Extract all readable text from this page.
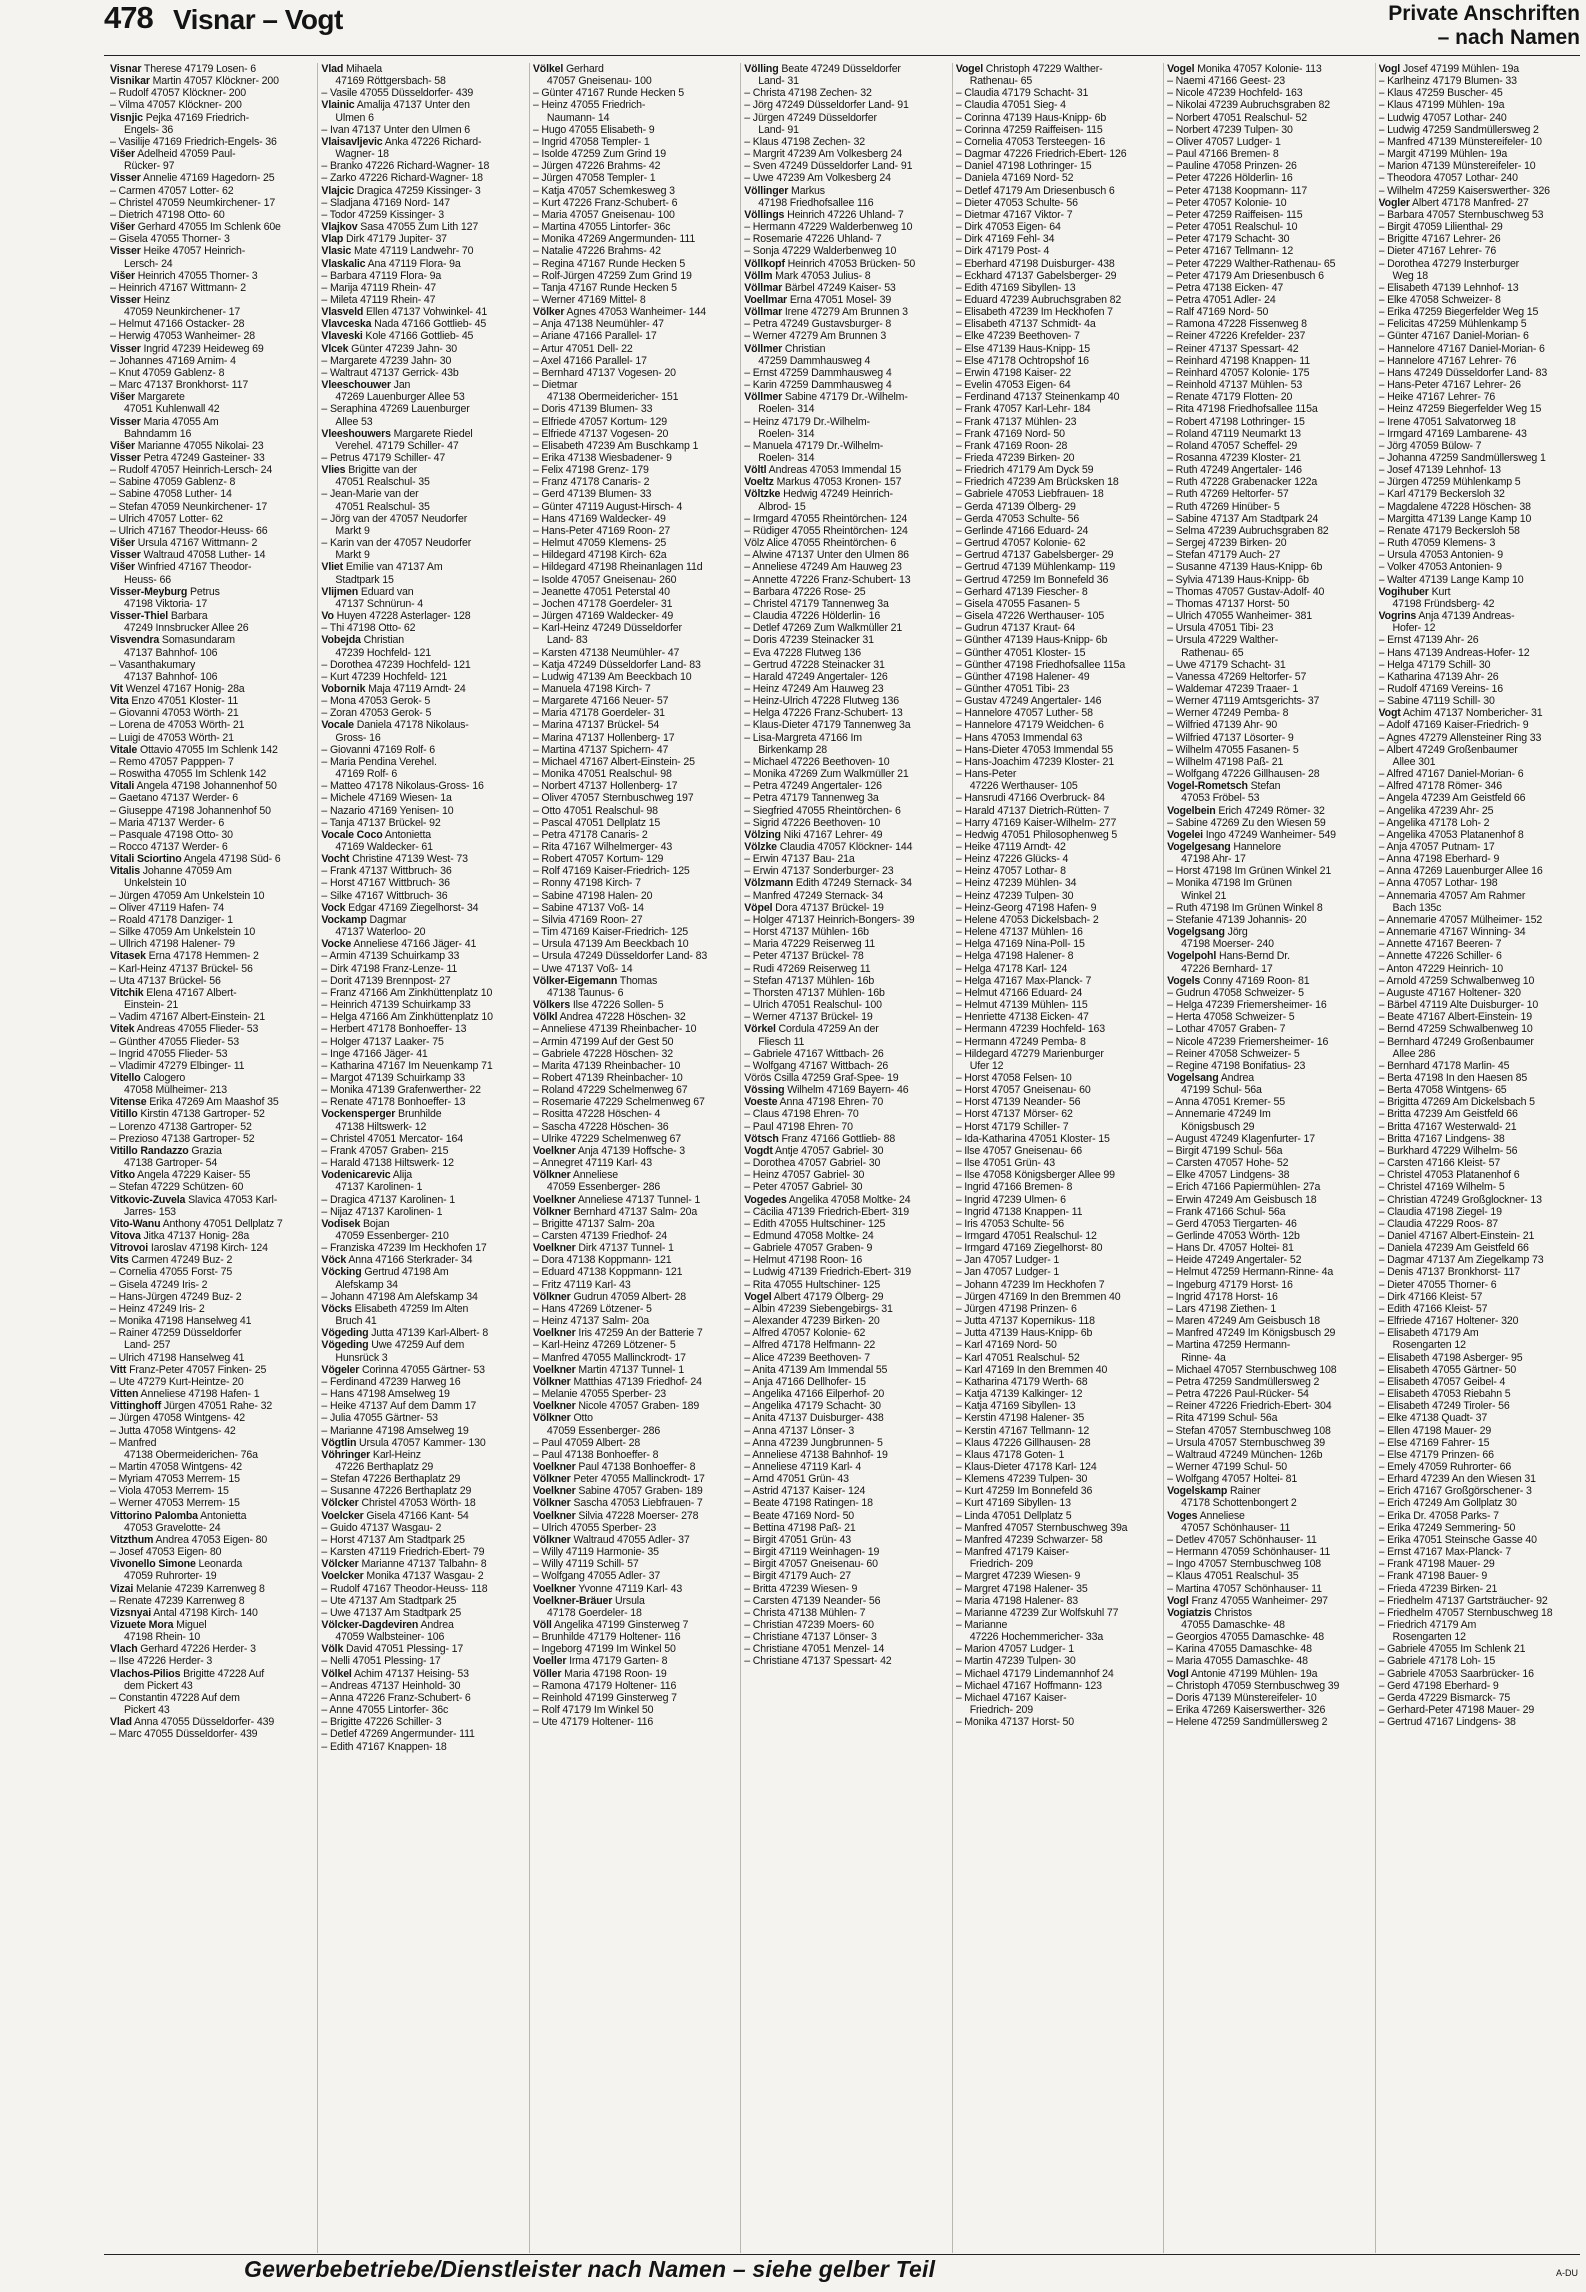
478 Visnar – Vogt	Private Anschriften
– nach Namen
Visnar Therese 47179 Losen- 6
Visnikar Martin 47057 Klöckner- 200
– Rudolf 47057 Klöckner- 200
– Vilma 47057 Klöckner- 200
Visnjic Pejka 47169 Friedrich-
Engels- 36
– Vasilije 47169 Friedrich-Engels- 36
Višer Adelheid 47059 Paul-
Rücker- 97
Visser Annelie 47169 Hagedorn- 25
– Carmen 47057 Lotter- 62
– Christel 47059 Neumkirchener- 17
– Dietrich 47198 Otto- 60
Višer Gerhard 47055 Im Schlenk 60e
– Gisela 47055 Thorner- 3
Visser Heike 47057 Heinrich-
Lersch- 24
Višer Heinrich 47055 Thorner- 3
– Heinrich 47167 Wittmann- 2
Visser Heinz
47059 Neunkirchener- 17
– Helmut 47166 Ostacker- 28
– Herwig 47053 Wanheimer- 28
Visser Ingrid 47239 Heideweg 69
– Johannes 47169 Arnim- 4
– Knut 47059 Gablenz- 8
– Marc 47137 Bronkhorst- 117
Višer Margarete
47051 Kuhlenwall 42
Visser Maria 47055 Am
Bahndamm 16
Višer Marianne 47055 Nikolai- 23
Visser Petra 47249 Gasteiner- 33
– Rudolf 47057 Heinrich-Lersch- 24
– Sabine 47059 Gablenz- 8
– Sabine 47058 Luther- 14
– Stefan 47059 Neunkirchener- 17
– Ulrich 47057 Lotter- 62
– Ulrich 47167 Theodor-Heuss- 66
Višer Ursula 47167 Wittmann- 2
Visser Waltraud 47058 Luther- 14
Višer Winfried 47167 Theodor-
Heuss- 66
Visser-Meyburg Petrus
47198 Viktoria- 17
Visser-Thiel Barbara
47249 Innsbrucker Allee 26
Visvendra Somasundaram
47137 Bahnhof- 106
– Vasanthakumary
47137 Bahnhof- 106
Vit Wenzel 47167 Honig- 28a
Vita Enzo 47051 Kloster- 11
– Giovanni 47053 Wörth- 21
– Lorena de 47053 Wörth- 21
– Luigi de 47053 Wörth- 21
Vitale Ottavio 47055 Im Schlenk 142
– Remo 47057 Papppen- 7
– Roswitha 47055 Im Schlenk 142
Vitali Angela 47198 Johannenhof 50
– Gaetano 47137 Werder- 6
– Giuseppe 47198 Johannenhof 50
– Maria 47137 Werder- 6
– Pasquale 47198 Otto- 30
– Rocco 47137 Werder- 6
Vitali Sciortino Angela 47198 Süd- 6
Vitalis Johanne 47059 Am
Unkelstein 10
– Jürgen 47059 Am Unkelstein 10
– Oliver 47119 Hafen- 74
– Roald 47178 Danziger- 1
– Silke 47059 Am Unkelstein 10
– Ullrich 47198 Halener- 79
Vitasek Erna 47178 Hemmen- 2
– Karl-Heinz 47137 Brückel- 56
– Uta 47137 Brückel- 56
Vitchik Elena 47167 Albert-
Einstein- 21
– Vadim 47167 Albert-Einstein- 21
Vitek Andreas 47055 Flieder- 53
– Günther 47055 Flieder- 53
– Ingrid 47055 Flieder- 53
– Vladimir 47279 Elbinger- 11
Vitello Calogero
47058 Mülheimer- 213
Vitense Erika 47269 Am Maashof 35
Vitillo Kirstin 47138 Gartroper- 52
– Lorenzo 47138 Gartroper- 52
– Prezioso 47138 Gartroper- 52
Vitillo Randazzo Grazia
47138 Gartroper- 54
Vitko Angela 47229 Kaiser- 55
– Stefan 47229 Schützen- 60
Vitkovic-Zuvela Slavica 47053 Karl-
Jarres- 153
Vito-Wanu Anthony 47051 Dellplatz 7
Vitova Jitka 47137 Honig- 28a
Vitrovoi Iaroslav 47198 Kirch- 124
Vits Carmen 47249 Buz- 2
– Cornelia 47055 Forst- 75
– Gisela 47249 Iris- 2
– Hans-Jürgen 47249 Buz- 2
– Heinz 47249 Iris- 2
– Monika 47198 Hanselweg 41
– Rainer 47259 Düsseldorfer
Land- 257
– Ulrich 47198 Hanselweg 41
Vitt Franz-Peter 47057 Finken- 25
– Ute 47279 Kurt-Heintze- 20
Vitten Anneliese 47198 Hafen- 1
Vittinghoff Jürgen 47051 Rahe- 32
– Jürgen 47058 Wintgens- 42
– Jutta 47058 Wintgens- 42
– Manfred
47138 Obermeiderichen- 76a
– Martin 47058 Wintgens- 42
– Myriam 47053 Merrem- 15
– Viola 47053 Merrem- 15
– Werner 47053 Merrem- 15
Vittorino Palomba Antonietta
47053 Gravelotte- 24
Vitzthum Andrea 47053 Eigen- 80
– Josef 47053 Eigen- 80
Vivonello Simone Leonarda
47059 Ruhrorter- 19
Vizai Melanie 47239 Karrenweg 8
– Renate 47239 Karrenweg 8
Vizsnyai Antal 47198 Kirch- 140
Vizuete Mora Miguel
47198 Rhein- 10
Vlach Gerhard 47226 Herder- 3
– Ilse 47226 Herder- 3
Vlachos-Pilios Brigitte 47228 Auf
dem Pickert 43
– Constantin 47228 Auf dem
Pickert 43
Vlad Anna 47055 Düsseldorfer- 439
– Marc 47055 Düsseldorfer- 439
Vlad Mihaela
47169 Röttgersbach- 58
– Vasile 47055 Düsseldorfer- 439
Vlainic Amalija 47137 Unter den
Ulmen 6
– Ivan 47137 Unter den Ulmen 6
Vlaisavljevic Anka 47226 Richard-
Wagner- 18
– Branko 47226 Richard-Wagner- 18
– Zarko 47226 Richard-Wagner- 18
Vlajcic Dragica 47259 Kissinger- 3
– Sladjana 47169 Nord- 147
– Todor 47259 Kissinger- 3
Vlajkov Sasa 47055 Zum Lith 127
Vlap Dirk 47179 Jupiter- 37
Vlasic Mate 47119 Landwehr- 70
Vlaskalic Ana 47119 Flora- 9a
– Barbara 47119 Flora- 9a
– Marija 47119 Rhein- 47
– Mileta 47119 Rhein- 47
Vlasveld Ellen 47137 Vohwinkel- 41
Vlavceska Nada 47166 Gottlieb- 45
Vlaveski Kole 47166 Gottlieb- 45
Vlcek Günter 47239 Jahn- 30
– Margarete 47239 Jahn- 30
– Waltraut 47137 Gerrick- 43b
Vleeschouwer Jan
47269 Lauenburger Allee 53
– Seraphina 47269 Lauenburger
Allee 53
Vleeshouwers Margarete Riedel
Verehel. 47179 Schiller- 47
– Petrus 47179 Schiller- 47
Vlies Brigitte van der
47051 Realschul- 35
– Jean-Marie van der
47051 Realschul- 35
– Jörg van der 47057 Neudorfer
Markt 9
– Karin van der 47057 Neudorfer
Markt 9
Vliet Emilie van 47137 Am
Stadtpark 15
Vlijmen Eduard van
47137 Schnürun- 4
Vo Huyen 47228 Asterlager- 128
– Thi 47198 Otto- 62
Vobejda Christian
47239 Hochfeld- 121
– Dorothea 47239 Hochfeld- 121
– Kurt 47239 Hochfeld- 121
Vobornik Maja 47119 Arndt- 24
– Mona 47053 Gerok- 5
– Zoran 47053 Gerok- 5
Vocale Daniela 47178 Nikolaus-
Gross- 16
– Giovanni 47169 Rolf- 6
– Maria Pendina Verehel.
47169 Rolf- 6
– Matteo 47178 Nikolaus-Gross- 16
– Michele 47169 Wiesen- 1a
– Nazario 47169 Yenisen- 10
– Tanja 47137 Brückel- 92
Vocale Coco Antonietta
47169 Waldecker- 61
Vocht Christine 47139 West- 73
– Frank 47137 Wittbruch- 36
– Horst 47167 Wittbruch- 36
– Silke 47167 Wittbruch- 36
Vock Edgar 47169 Ziegelhorst- 34
Vockamp Dagmar
47137 Waterloo- 20
Vocke Anneliese 47166 Jäger- 41
– Armin 47139 Schuirkamp 33
– Dirk 47198 Franz-Lenze- 11
– Dorit 47139 Brennpost- 27
– Franz 47166 Am Zinkhüttenplatz 10
– Heinrich 47139 Schuirkamp 33
– Helga 47166 Am Zinkhüttenplatz 10
– Herbert 47178 Bonhoeffer- 13
– Holger 47137 Laaker- 75
– Inge 47166 Jäger- 41
– Katharina 47167 Im Neuenkamp 71
– Margot 47139 Schuirkamp 33
– Monika 47139 Grafenwerther- 22
– Renate 47178 Bonhoeffer- 13
Vockensperger Brunhilde
47138 Hiltswerk- 12
– Christel 47051 Mercator- 164
– Frank 47057 Graben- 215
– Harald 47138 Hiltswerk- 12
Vodenicarevic Alija
47137 Karolinen- 1
– Dragica 47137 Karolinen- 1
– Nijaz 47137 Karolinen- 1
Vodisek Bojan
47059 Essenberger- 210
– Franziska 47239 Im Heckhofen 17
Vöck Anna 47166 Sterkrader- 34
Vöcking Gertrud 47198 Am
Alefskamp 34
– Johann 47198 Am Alefskamp 34
Vöcks Elisabeth 47259 Im Alten
Bruch 41
Vögeding Jutta 47139 Karl-Albert- 8
Vögeding Uwe 47259 Auf dem
Hunsrück 3
Vögeler Corinna 47055 Gärtner- 53
– Ferdinand 47239 Harweg 16
– Hans 47198 Amselweg 19
– Heike 47137 Auf dem Damm 17
– Julia 47055 Gärtner- 53
– Marianne 47198 Amselweg 19
Vögtlin Ursula 47057 Kammer- 130
Vöhringer Karl-Heinz
47226 Berthaplatz 29
– Stefan 47226 Berthaplatz 29
– Susanne 47226 Berthaplatz 29
Völcker Christel 47053 Wörth- 18
Voelcker Gisela 47166 Kant- 54
– Guido 47137 Wasgau- 2
– Horst 47137 Am Stadtpark 25
– Karsten 47119 Friedrich-Ebert- 79
Völcker Marianne 47137 Talbahn- 8
Voelcker Monika 47137 Wasgau- 2
– Rudolf 47167 Theodor-Heuss- 118
– Ute 47137 Am Stadtpark 25
– Uwe 47137 Am Stadtpark 25
Völcker-Dagdeviren Andrea
47059 Walbsteiner- 106
Völk David 47051 Plessing- 17
– Nelli 47051 Plessing- 17
Völkel Achim 47137 Heising- 53
– Andreas 47137 Heinhold- 30
– Anna 47226 Franz-Schubert- 6
– Anne 47055 Lintorfer- 36c
– Brigitte 47226 Schiller- 3
– Detlef 47269 Angermunder- 111
– Edith 47167 Knappen- 18
Völkel Gerhard
47057 Gneisenau- 100
– Günter 47167 Runde Hecken 5
– Heinz 47055 Friedrich-
Naumann- 14
– Hugo 47055 Elisabeth- 9
– Ingrid 47058 Templer- 1
– Isolde 47259 Zum Grind 19
– Jürgen 47226 Brahms- 42
– Jürgen 47058 Templer- 1
– Katja 47057 Schemkesweg 3
– Kurt 47226 Franz-Schubert- 6
– Maria 47057 Gneisenau- 100
– Martina 47055 Lintorfer- 36c
– Monika 47269 Angermunden- 111
– Natalie 47226 Brahms- 42
– Regina 47167 Runde Hecken 5
– Rolf-Jürgen 47259 Zum Grind 19
– Tanja 47167 Runde Hecken 5
– Werner 47169 Mittel- 8
Völker Agnes 47053 Wanheimer- 144
– Anja 47138 Neumühler- 47
– Ariane 47166 Parallel- 17
– Artur 47051 Dell- 22
– Axel 47166 Parallel- 17
– Bernhard 47137 Vogesen- 20
– Dietmar
47138 Obermeidericher- 151
– Doris 47139 Blumen- 33
– Elfriede 47057 Kortum- 129
– Elfriede 47137 Vogesen- 20
– Elisabeth 47239 Am Buschkamp 1
– Erika 47138 Wiesbadener- 9
– Felix 47198 Grenz- 179
– Franz 47178 Canaris- 2
– Gerd 47139 Blumen- 33
– Günter 47119 August-Hirsch- 4
– Hans 47169 Waldecker- 49
– Hans-Peter 47169 Roon- 27
– Helmut 47059 Klemens- 25
– Hildegard 47198 Kirch- 62a
– Hildegard 47198 Rheinanlagen 11d
– Isolde 47057 Gneisenau- 260
– Jeanette 47051 Peterstal 40
– Jochen 47178 Goerdeler- 31
– Jürgen 47169 Waldecker- 49
– Karl-Heinz 47249 Düsseldorfer
Land- 83
– Karsten 47138 Neumühler- 47
– Katja 47249 Düsseldorfer Land- 83
– Ludwig 47139 Am Beeckbach 10
– Manuela 47198 Kirch- 7
– Margarete 47166 Neuer- 57
– Maria 47178 Goerdeler- 31
– Marina 47137 Brückel- 54
– Marina 47137 Hollenberg- 17
– Martina 47137 Spichern- 47
– Michael 47167 Albert-Einstein- 25
– Monika 47051 Realschul- 98
– Norbert 47137 Hollenberg- 17
– Oliver 47057 Sternbuschweg 197
– Otto 47051 Realschul- 98
– Pascal 47051 Dellplatz 15
– Petra 47178 Canaris- 2
– Rita 47167 Wilhelmerger- 43
– Robert 47057 Kortum- 129
– Rolf 47169 Kaiser-Friedrich- 125
– Ronny 47198 Kirch- 7
– Sabine 47198 Halen- 20
– Sabine 47137 Voß- 14
– Silvia 47169 Roon- 27
– Tim 47169 Kaiser-Friedrich- 125
– Ursula 47139 Am Beeckbach 10
– Ursula 47249 Düsseldorfer Land- 83
– Uwe 47137 Voß- 14
Völker-Eigemann Thomas
47138 Taunus- 6
Völkers Ilse 47226 Sollen- 5
Völkl Andrea 47228 Höschen- 32
– Anneliese 47139 Rheinbacher- 10
– Armin 47199 Auf der Gest 50
– Gabriele 47228 Höschen- 32
– Marita 47139 Rheinbacher- 10
– Robert 47139 Rheinbacher- 10
– Roland 47229 Schelmenweg 67
– Rosemarie 47229 Schelmenweg 67
– Rositta 47228 Höschen- 4
– Sascha 47228 Höschen- 36
– Ulrike 47229 Schelmenweg 67
Voelkner Anja 47139 Hoffsche- 3
– Annegret 47119 Karl- 43
Völkner Anneliese
47059 Essenberger- 286
Voelkner Anneliese 47137 Tunnel- 1
Völkner Bernhard 47137 Salm- 20a
– Brigitte 47137 Salm- 20a
– Carsten 47139 Friedhof- 24
Voelkner Dirk 47137 Tunnel- 1
– Dora 47138 Koppmann- 121
– Eduard 47138 Koppmann- 121
– Fritz 47119 Karl- 43
Völkner Gudrun 47059 Albert- 28
– Hans 47269 Lötzener- 5
– Heinz 47137 Salm- 20a
Voelkner Iris 47259 An der Batterie 7
– Karl-Heinz 47269 Lötzener- 5
– Manfred 47055 Mallinckrodt- 17
Voelkner Martin 47137 Tunnel- 1
Völkner Matthias 47139 Friedhof- 24
– Melanie 47055 Sperber- 23
Voelkner Nicole 47057 Graben- 189
Völkner Otto
47059 Essenberger- 286
– Paul 47059 Albert- 28
– Paul 47138 Bonhoeffer- 8
Voelkner Paul 47138 Bonhoeffer- 8
Völkner Peter 47055 Mallinckrodt- 17
Voelkner Sabine 47057 Graben- 189
Völkner Sascha 47053 Liebfrauen- 7
Voelkner Silvia 47228 Moerser- 278
– Ulrich 47055 Sperber- 23
Völkner Waltraud 47055 Adler- 37
– Willy 47119 Harmonie- 35
– Willy 47119 Schill- 57
– Wolfgang 47055 Adler- 37
Voelkner Yvonne 47119 Karl- 43
Voelkner-Bräuer Ursula
47178 Goerdeler- 18
Völl Angelika 47199 Ginsterweg 7
– Brunhilde 47179 Holtener- 116
– Ingeborg 47199 Im Winkel 50
Voeller Irma 47179 Garten- 8
Völler Maria 47198 Roon- 19
– Ramona 47179 Holtener- 116
– Reinhold 47199 Ginsterweg 7
– Rolf 47179 Im Winkel 50
– Ute 47179 Holtener- 116
Völling Beate 47249 Düsseldorfer
Land- 31
– Christa 47198 Zechen- 32
– Jörg 47249 Düsseldorfer Land- 91
– Jürgen 47249 Düsseldorfer
Land- 91
– Klaus 47198 Zechen- 32
– Margrit 47239 Am Volkesberg 24
– Sven 47249 Düsseldorfer Land- 91
– Uwe 47239 Am Volkesberg 24
Völlinger Markus
47198 Friedhofsallee 116
Völlings Heinrich 47226 Uhland- 7
– Hermann 47229 Walderbenweg 10
– Rosemarie 47226 Uhland- 7
– Sonja 47229 Walderbenweg 10
Völlkopf Heinrich 47053 Brücken- 50
Völlm Mark 47053 Julius- 8
Völlmar Bärbel 47249 Kaiser- 53
Voellmar Erna 47051 Mosel- 39
Völlmar Irene 47279 Am Brunnen 3
– Petra 47249 Gustavsburger- 8
– Werner 47279 Am Brunnen 3
Völlmer Christian
47259 Dammhausweg 4
– Ernst 47259 Dammhausweg 4
– Karin 47259 Dammhausweg 4
Völlmer Sabine 47179 Dr.-Wilhelm-
Roelen- 314
– Heinz 47179 Dr.-Wilhelm-
Roelen- 314
– Manuela 47179 Dr.-Wilhelm-
Roelen- 314
Völtl Andreas 47053 Immendal 15
Voeltz Markus 47053 Kronen- 157
Völtzke Hedwig 47249 Heinrich-
Albrod- 15
– Irmgard 47055 Rheintörchen- 124
– Rüdiger 47055 Rheintörchen- 124
Völz Alice 47055 Rheintörchen- 6
– Alwine 47137 Unter den Ulmen 86
– Anneliese 47249 Am Hauweg 23
– Annette 47226 Franz-Schubert- 13
– Barbara 47226 Rose- 25
– Christel 47179 Tannenweg 3a
– Claudia 47226 Hölderlin- 16
– Detlef 47269 Zum Walkmüller 21
– Doris 47239 Steinacker 31
– Eva 47228 Flutweg 136
– Gertrud 47228 Steinacker 31
– Harald 47249 Angertaler- 126
– Heinz 47249 Am Hauweg 23
– Heinz-Ulrich 47228 Flutweg 136
– Helga 47226 Franz-Schubert- 13
– Klaus-Dieter 47179 Tannenweg 3a
– Lisa-Margreta 47166 Im
Birkenkamp 28
– Michael 47226 Beethoven- 10
– Monika 47269 Zum Walkmüller 21
– Petra 47249 Angertaler- 126
– Petra 47179 Tannenweg 3a
– Siegfried 47055 Rheintörchen- 6
– Sigrid 47226 Beethoven- 10
Völzing Niki 47167 Lehrer- 49
Völzke Claudia 47057 Klöckner- 144
– Erwin 47137 Bau- 21a
– Erwin 47137 Sonderburger- 23
Völzmann Edith 47249 Sternack- 34
– Manfred 47249 Sternack- 34
Vöpel Dora 47137 Brückel- 19
– Holger 47137 Heinrich-Bongers- 39
– Horst 47137 Mühlen- 16b
– Maria 47229 Reiserweg 11
– Peter 47137 Brückel- 78
– Rudi 47269 Reiserweg 11
– Stefan 47137 Mühlen- 16b
– Thorsten 47137 Mühlen- 16b
– Ulrich 47051 Realschul- 100
– Werner 47137 Brückel- 19
Vörkel Cordula 47259 An der
Fliesch 11
– Gabriele 47167 Wittbach- 26
– Wolfgang 47167 Wittbach- 26
Vörös Csilla 47259 Graf-Spee- 19
Vössing Wilhelm 47169 Bayern- 46
Voeste Anna 47198 Ehren- 70
– Claus 47198 Ehren- 70
– Paul 47198 Ehren- 70
Vötsch Franz 47166 Gottlieb- 88
Vogdt Antje 47057 Gabriel- 30
– Dorothea 47057 Gabriel- 30
– Heinz 47057 Gabriel- 30
– Peter 47057 Gabriel- 30
Vogedes Angelika 47058 Moltke- 24
– Cäcilia 47139 Friedrich-Ebert- 319
– Edith 47055 Hultschiner- 125
– Edmund 47058 Moltke- 24
– Gabriele 47057 Graben- 9
– Helmut 47198 Roon- 16
– Ludwig 47139 Friedrich-Ebert- 319
– Rita 47055 Hultschiner- 125
Vogel Albert 47179 Ölberg- 29
– Albin 47239 Siebengebirgs- 31
– Alexander 47239 Birken- 20
– Alfred 47057 Kolonie- 62
– Alfred 47178 Helfmann- 22
– Alice 47239 Beethoven- 7
– Anita 47139 Am Immendal 55
– Anja 47166 Dellhofer- 15
– Angelika 47166 Eilperhof- 20
– Angelika 47179 Schacht- 30
– Anita 47137 Duisburger- 438
– Anna 47137 Lönser- 3
– Anna 47239 Jungbrunnen- 5
– Anneliese 47138 Bahnhof- 19
– Anneliese 47119 Karl- 4
– Arnd 47051 Grün- 43
– Astrid 47137 Kaiser- 124
– Beate 47198 Ratingen- 18
– Beate 47169 Nord- 50
– Bettina 47198 Paß- 21
– Birgit 47051 Grün- 43
– Birgit 47119 Weinhagen- 19
– Birgit 47057 Gneisenau- 60
– Birgit 47179 Auch- 27
– Britta 47239 Wiesen- 9
– Carsten 47139 Neander- 56
– Christa 47138 Mühlen- 7
– Christian 47239 Moers- 60
– Christiane 47137 Lönser- 3
– Christiane 47051 Menzel- 14
– Christiane 47137 Spessart- 42
Vogel Christoph 47229 Walther-
Rathenau- 65
– Claudia 47179 Schacht- 31
– Claudia 47051 Sieg- 4
– Corinna 47139 Haus-Knipp- 6b
– Corinna 47259 Raiffeisen- 115
– Cornelia 47053 Tersteegen- 16
– Dagmar 47226 Friedrich-Ebert- 126
– Daniel 47198 Lothringer- 15
– Daniela 47169 Nord- 52
– Detlef 47179 Am Driesenbusch 6
– Dieter 47053 Schulte- 56
– Dietmar 47167 Viktor- 7
– Dirk 47053 Eigen- 64
– Dirk 47169 Fehl- 34
– Dirk 47179 Post- 4
– Eberhard 47198 Duisburger- 438
– Eckhard 47137 Gabelsberger- 29
– Edith 47169 Sibyllen- 13
– Eduard 47239 Aubruchsgraben 82
– Elisabeth 47239 Im Heckhofen 7
– Elisabeth 47137 Schmidt- 4a
– Elke 47239 Beethoven- 7
– Else 47139 Haus-Knipp- 15
– Else 47178 Ochtropshof 16
– Erwin 47198 Kaiser- 22
– Evelin 47053 Eigen- 64
– Ferdinand 47137 Steinenkamp 40
– Frank 47057 Karl-Lehr- 184
– Frank 47137 Mühlen- 23
– Frank 47169 Nord- 50
– Frank 47169 Roon- 28
– Frieda 47239 Birken- 20
– Friedrich 47179 Am Dyck 59
– Friedrich 47239 Am Brücksken 18
– Gabriele 47053 Liebfrauen- 18
– Gerda 47139 Ölberg- 29
– Gerda 47053 Schulte- 56
– Gerlinde 47166 Eduard- 24
– Gertrud 47057 Kolonie- 62
– Gertrud 47137 Gabelsberger- 29
– Gertrud 47139 Mühlenkamp- 119
– Gertrud 47259 Im Bonnefeld 36
– Gerhard 47139 Fiescher- 8
– Gisela 47055 Fasanen- 5
– Gisela 47226 Werthauser- 105
– Gudrun 47137 Kraut- 64
– Günther 47139 Haus-Knipp- 6b
– Günther 47051 Kloster- 15
– Günther 47198 Friedhofsallee 115a
– Günther 47198 Halener- 49
– Günther 47051 Tibi- 23
– Gustav 47249 Angertaler- 146
– Hannelore 47057 Luther- 58
– Hannelore 47179 Weidchen- 6
– Hans 47053 Immendal 63
– Hans-Dieter 47053 Immendal 55
– Hans-Joachim 47239 Kloster- 21
– Hans-Peter
47226 Werthauser- 105
– Hansrudi 47166 Overbruck- 84
– Harald 47137 Dietrich-Rütten- 7
– Harry 47169 Kaiser-Wilhelm- 277
– Hedwig 47051 Philosophenweg 5
– Heike 47119 Arndt- 42
– Heinz 47226 Glücks- 4
– Heinz 47057 Lothar- 8
– Heinz 47239 Mühlen- 34
– Heinz 47239 Tulpen- 30
– Heinz-Georg 47198 Hafen- 9
– Helene 47053 Dickelsbach- 2
– Helene 47137 Mühlen- 16
– Helga 47169 Nina-Poll- 15
– Helga 47198 Halener- 8
– Helga 47178 Karl- 124
– Helga 47167 Max-Planck- 7
– Helmut 47166 Eduard- 24
– Helmut 47139 Mühlen- 115
– Henriette 47138 Eicken- 47
– Hermann 47239 Hochfeld- 163
– Hermann 47249 Pemba- 8
– Hildegard 47279 Marienburger
Ufer 12
– Horst 47058 Felsen- 10
– Horst 47057 Gneisenau- 60
– Horst 47139 Neander- 56
– Horst 47137 Mörser- 62
– Horst 47179 Schiller- 7
– Ida-Katharina 47051 Kloster- 15
– Ilse 47057 Gneisenau- 66
– Ilse 47051 Grün- 43
– Ilse 47058 Königsberger Allee 99
– Ingrid 47166 Bremen- 8
– Ingrid 47239 Ulmen- 6
– Ingrid 47138 Knappen- 11
– Iris 47053 Schulte- 56
– Irmgard 47051 Realschul- 12
– Irmgard 47169 Ziegelhorst- 80
– Jan 47057 Ludger- 1
– Jan 47057 Ludger- 1
– Johann 47239 Im Heckhofen 7
– Jürgen 47169 In den Bremmen 40
– Jürgen 47198 Prinzen- 6
– Jutta 47137 Kopernikus- 118
– Jutta 47139 Haus-Knipp- 6b
– Karl 47169 Nord- 50
– Karl 47051 Realschul- 52
– Karl 47169 In den Bremmen 40
– Katharina 47179 Werth- 68
– Katja 47139 Kalkinger- 12
– Katja 47169 Sibyllen- 13
– Kerstin 47198 Halener- 35
– Kerstin 47167 Tellmann- 12
– Klaus 47226 Gillhausen- 28
– Klaus 47178 Goten- 1
– Klaus-Dieter 47178 Karl- 124
– Klemens 47239 Tulpen- 30
– Kurt 47259 Im Bonnefeld 36
– Kurt 47169 Sibyllen- 13
– Linda 47051 Dellplatz 5
– Manfred 47057 Sternbuschweg 39a
– Manfred 47239 Schwarzer- 58
– Manfred 47179 Kaiser-
Friedrich- 209
– Margret 47239 Wiesen- 9
– Margret 47198 Halener- 35
– Maria 47198 Halener- 83
– Marianne 47239 Zur Wolfskuhl 77
– Marianne
47226 Hochemmericher- 33a
– Marion 47057 Ludger- 1
– Martin 47239 Tulpen- 30
– Michael 47179 Lindemannhof 24
– Michael 47167 Hoffmann- 123
– Michael 47167 Kaiser-
Friedrich- 209
– Monika 47137 Horst- 50
Vogel Monika 47057 Kolonie- 113
– Naemi 47166 Geest- 23
– Nicole 47239 Hochfeld- 163
– Nikolai 47239 Aubruchsgraben 82
– Norbert 47051 Realschul- 52
– Norbert 47239 Tulpen- 30
– Oliver 47057 Ludger- 1
– Paul 47166 Bremen- 8
– Pauline 47058 Prinzen- 26
– Peter 47226 Hölderlin- 16
– Peter 47138 Koopmann- 117
– Peter 47057 Kolonie- 10
– Peter 47259 Raiffeisen- 115
– Peter 47051 Realschul- 10
– Peter 47179 Schacht- 30
– Peter 47167 Tellmann- 12
– Peter 47229 Walther-Rathenau- 65
– Peter 47179 Am Driesenbusch 6
– Petra 47138 Eicken- 47
– Petra 47051 Adler- 24
– Ralf 47169 Nord- 50
– Ramona 47228 Fissenweg 8
– Reiner 47226 Krefelder- 237
– Reiner 47137 Spessart- 42
– Reinhard 47198 Knappen- 11
– Reinhard 47057 Kolonie- 175
– Reinhold 47137 Mühlen- 53
– Renate 47179 Flotten- 20
– Rita 47198 Friedhofsallee 115a
– Robert 47198 Lothringer- 15
– Roland 47119 Neumarkt 13
– Roland 47057 Scheffel- 29
– Rosanna 47239 Kloster- 21
– Ruth 47249 Angertaler- 146
– Ruth 47228 Grabenacker 122a
– Ruth 47269 Heltorfer- 57
– Ruth 47269 Hinüber- 5
– Sabine 47137 Am Stadtpark 24
– Selma 47239 Aubruchsgraben 82
– Sergej 47239 Birken- 20
– Stefan 47179 Auch- 27
– Susanne 47139 Haus-Knipp- 6b
– Sylvia 47139 Haus-Knipp- 6b
– Thomas 47057 Gustav-Adolf- 40
– Thomas 47137 Horst- 50
– Ulrich 47055 Wanheimer- 381
– Ursula 47051 Tibi- 23
– Ursula 47229 Walther-
Rathenau- 65
– Uwe 47179 Schacht- 31
– Vanessa 47269 Heltorfer- 57
– Waldemar 47239 Traaer- 1
– Werner 47119 Amtsgerichts- 37
– Werner 47249 Pemba- 8
– Wilfried 47139 Ahr- 90
– Wilfried 47137 Lösorter- 9
– Wilhelm 47055 Fasanen- 5
– Wilhelm 47198 Paß- 21
– Wolfgang 47226 Gillhausen- 28
Vogel-Rometsch Stefan
47053 Fröbel- 53
Vogelbein Erich 47249 Römer- 32
– Sabine 47269 Zu den Wiesen 59
Vogelei Ingo 47249 Wanheimer- 549
Vogelgesang Hannelore
47198 Ahr- 17
– Horst 47198 Im Grünen Winkel 21
– Monika 47198 Im Grünen
Winkel 21
– Ruth 47198 Im Grünen Winkel 8
– Stefanie 47139 Johannis- 20
Vogelgsang Jörg
47198 Moerser- 240
Vogelpohl Hans-Bernd Dr.
47226 Bernhard- 17
Vogels Conny 47169 Roon- 81
– Gudrun 47058 Schweizer- 5
– Helga 47239 Friemersheimer- 16
– Herta 47058 Schweizer- 5
– Lothar 47057 Graben- 7
– Nicole 47239 Friemersheimer- 16
– Reiner 47058 Schweizer- 5
– Regine 47198 Bonifatius- 23
Vogelsang Andrea
47199 Schul- 56a
– Anna 47051 Kremer- 55
– Annemarie 47249 Im
Königsbusch 29
– August 47249 Klagenfurter- 17
– Birgit 47199 Schul- 56a
– Carsten 47057 Hohe- 52
– Elke 47057 Lindgens- 38
– Erich 47166 Papiermühlen- 27a
– Erwin 47249 Am Geisbusch 18
– Frank 47166 Schul- 56a
– Gerd 47053 Tiergarten- 46
– Gerlinde 47053 Wörth- 12b
– Hans Dr. 47057 Holtei- 81
– Heide 47249 Angertaler- 52
– Helmut 47259 Hermann-Rinne- 4a
– Ingeburg 47179 Horst- 16
– Ingrid 47178 Horst- 16
– Lars 47198 Ziethen- 1
– Maren 47249 Am Geisbusch 18
– Manfred 47249 Im Königsbusch 29
– Martina 47259 Hermann-
Rinne- 4a
– Michael 47057 Sternbuschweg 108
– Petra 47259 Sandmüllersweg 2
– Petra 47226 Paul-Rücker- 54
– Reiner 47226 Friedrich-Ebert- 304
– Rita 47199 Schul- 56a
– Stefan 47057 Sternbuschweg 108
– Ursula 47057 Sternbuschweg 39
– Waltraud 47249 München- 126b
– Werner 47199 Schul- 50
– Wolfgang 47057 Holtei- 81
Vogelskamp Rainer
47178 Schottenbongert 2
Voges Anneliese
47057 Schönhauser- 11
– Detlev 47057 Schönhauser- 11
– Hermann 47059 Schönhauser- 11
– Ingo 47057 Sternbuschweg 108
– Klaus 47051 Realschul- 35
– Martina 47057 Schönhauser- 11
Vogl Franz 47055 Wanheimer- 297
Vogiatzis Christos
47055 Damaschke- 48
– Georgios 47055 Damaschke- 48
– Karina 47055 Damaschke- 48
– Maria 47055 Damaschke- 48
Vogl Antonie 47199 Mühlen- 19a
– Christoph 47059 Sternbuschweg 39
– Doris 47139 Münstereifeler- 10
– Erika 47269 Kaiserswerther- 326
– Helene 47259 Sandmüllersweg 2
Vogl Josef 47199 Mühlen- 19a
– Karlheinz 47179 Blumen- 33
– Klaus 47259 Buscher- 45
– Klaus 47199 Mühlen- 19a
– Ludwig 47057 Lothar- 240
– Ludwig 47259 Sandmüllersweg 2
– Manfred 47139 Münstereifeler- 10
– Margit 47199 Mühlen- 19a
– Marion 47139 Münstereifeler- 10
– Theodora 47057 Lothar- 240
– Wilhelm 47259 Kaiserswerther- 326
Vogler Albert 47178 Manfred- 27
– Barbara 47057 Sternbuschweg 53
– Birgit 47059 Lilienthal- 29
– Brigitte 47167 Lehrer- 26
– Dieter 47167 Lehrer- 76
– Dorothea 47279 Insterburger
Weg 18
– Elisabeth 47139 Lehnhof- 13
– Elke 47058 Schweizer- 8
– Erika 47259 Biegerfelder Weg 15
– Felicitas 47259 Mühlenkamp 5
– Günter 47167 Daniel-Morian- 6
– Hannelore 47167 Daniel-Morian- 6
– Hannelore 47167 Lehrer- 76
– Hans 47249 Düsseldorfer Land- 83
– Hans-Peter 47167 Lehrer- 26
– Heike 47167 Lehrer- 76
– Heinz 47259 Biegerfelder Weg 15
– Irene 47051 Salvatorweg 18
– Irmgard 47169 Lambarene- 43
– Jörg 47059 Bülow- 7
– Johanna 47259 Sandmüllersweg 1
– Josef 47139 Lehnhof- 13
– Jürgen 47259 Mühlenkamp 5
– Karl 47179 Beckersloh 32
– Magdalene 47228 Höschen- 38
– Margitta 47139 Lange Kamp 10
– Renate 47179 Beckersloh 58
– Ruth 47059 Klemens- 3
– Ursula 47053 Antonien- 9
– Volker 47053 Antonien- 9
– Walter 47139 Lange Kamp 10
Vogihuber Kurt
47198 Fründsberg- 42
Vogrins Anja 47139 Andreas-
Hofer- 12
– Ernst 47139 Ahr- 26
– Hans 47139 Andreas-Hofer- 12
– Helga 47179 Schill- 30
– Katharina 47139 Ahr- 26
– Rudolf 47169 Vereins- 16
– Sabine 47119 Schill- 30
Vogt Achim 47137 Nombericher- 31
– Adolf 47169 Kaiser-Friedrich- 9
– Agnes 47279 Allensteiner Ring 33
– Albert 47249 Großenbaumer
Allee 301
– Alfred 47167 Daniel-Morian- 6
– Alfred 47178 Römer- 346
– Angela 47239 Am Geistfeld 66
– Angelika 47239 Ahr- 25
– Angelika 47178 Loh- 2
– Angelika 47053 Platanenhof 8
– Anja 47057 Putnam- 17
– Anna 47198 Eberhard- 9
– Anna 47269 Lauenburger Allee 16
– Anna 47057 Lothar- 198
– Annemaria 47057 Am Rahmer
Bach 135c
– Annemarie 47057 Mülheimer- 152
– Annemarie 47167 Winning- 34
– Annette 47167 Beeren- 7
– Annette 47226 Schiller- 6
– Anton 47229 Heinrich- 10
– Arnold 47259 Schwalbenweg 10
– Auguste 47167 Holtener- 320
– Bärbel 47119 Alte Duisburger- 10
– Beate 47167 Albert-Einstein- 19
– Bernd 47259 Schwalbenweg 10
– Bernhard 47249 Großenbaumer
Allee 286
– Bernhard 47178 Marlin- 45
– Berta 47198 In den Haesen 85
– Berta 47058 Wintgens- 65
– Brigitta 47269 Am Dickelsbach 5
– Britta 47239 Am Geistfeld 66
– Britta 47167 Westerwald- 21
– Britta 47167 Lindgens- 38
– Burkhard 47229 Wilhelm- 56
– Carsten 47166 Kleist- 57
– Christel 47053 Platanenhof 6
– Christel 47169 Wilhelm- 5
– Christian 47249 Großglockner- 13
– Claudia 47198 Ziegel- 19
– Claudia 47229 Roos- 87
– Daniel 47167 Albert-Einstein- 21
– Daniela 47239 Am Geistfeld 66
– Dagmar 47137 Am Ziegelkamp 73
– Denis 47137 Bronkhorst- 117
– Dieter 47055 Thorner- 6
– Dirk 47166 Kleist- 57
– Edith 47166 Kleist- 57
– Elfriede 47167 Holtener- 320
– Elisabeth 47179 Am
Rosengarten 12
– Elisabeth 47198 Asberger- 95
– Elisabeth 47055 Gärtner- 50
– Elisabeth 47057 Geibel- 4
– Elisabeth 47053 Riebahn 5
– Elisabeth 47249 Tiroler- 56
– Elke 47138 Quadt- 37
– Ellen 47198 Mauer- 29
– Else 47169 Fahrer- 15
– Else 47179 Prinzen- 66
– Emely 47059 Ruhrorter- 66
– Erhard 47239 An den Wiesen 31
– Erich 47167 Großgörschener- 3
– Erich 47249 Am Gollplatz 30
– Erika Dr. 47058 Parks- 7
– Erika 47249 Semmering- 50
– Erika 47051 Steinsche Gasse 40
– Ernst 47167 Max-Planck- 7
– Frank 47198 Mauer- 29
– Frank 47198 Bauer- 9
– Frieda 47239 Birken- 21
– Friedhelm 47137 Gartsträucher- 92
– Friedhelm 47057 Sternbuschweg 18
– Friedrich 47179 Am
Rosengarten 12
– Gabriele 47055 Im Schlenk 21
– Gabriele 47178 Loh- 15
– Gabriele 47053 Saarbrücker- 16
– Gerd 47198 Eberhard- 9
– Gerda 47229 Bismarck- 75
– Gerhard-Peter 47198 Mauer- 29
– Gertrud 47167 Lindgens- 38
Gewerbebetriebe/Dienstleister nach Namen – siehe gelber Teil	A-DU
